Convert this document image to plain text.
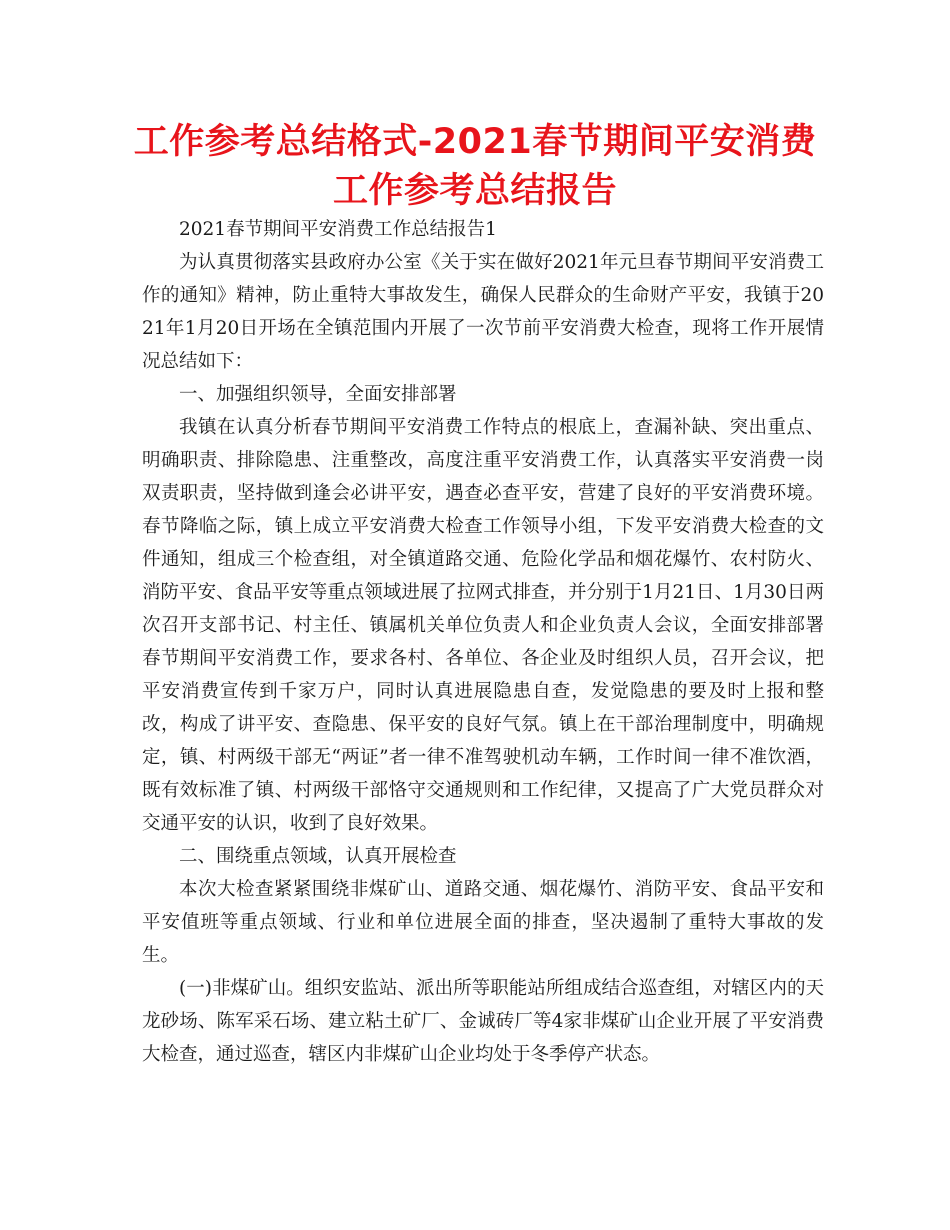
工作参考总结格式-2021春节期间平安消费工作参考总结报告

2021春节期间平安消费工作总结报告1

为认真贯彻落实县政府办公室《关于实在做好2021年元旦春节期间平安消费工作的通知》精神，防止重特大事故发生，确保人民群众的生命财产平安，我镇于2021年1月20日开场在全镇范围内开展了一次节前平安消费大检查，现将工作开展情况总结如下：

一、加强组织领导，全面安排部署

我镇在认真分析春节期间平安消费工作特点的根底上，查漏补缺、突出重点、明确职责、排除隐患、注重整改，高度注重平安消费工作，认真落实平安消费一岗双责职责，坚持做到逢会必讲平安，遇查必查平安，营建了良好的平安消费环境。春节降临之际，镇上成立平安消费大检查工作领导小组，下发平安消费大检查的文件通知，组成三个检查组，对全镇道路交通、危险化学品和烟花爆竹、农村防火、消防平安、食品平安等重点领域进展了拉网式排查，并分别于1月21日、1月30日两次召开支部书记、村主任、镇属机关单位负责人和企业负责人会议，全面安排部署春节期间平安消费工作，要求各村、各单位、各企业及时组织人员，召开会议，把平安消费宣传到千家万户，同时认真进展隐患自查，发觉隐患的要及时上报和整改，构成了讲平安、查隐患、保平安的良好气氛。镇上在干部治理制度中，明确规定，镇、村两级干部无“两证”者一律不准驾驶机动车辆，工作时间一律不准饮酒，既有效标准了镇、村两级干部恪守交通规则和工作纪律，又提高了广大党员群众对交通平安的认识，收到了良好效果。

二、围绕重点领域，认真开展检查

本次大检查紧紧围绕非煤矿山、道路交通、烟花爆竹、消防平安、食品平安和平安值班等重点领域、行业和单位进展全面的排查，坚决遏制了重特大事故的发生。

(一)非煤矿山。组织安监站、派出所等职能站所组成结合巡查组，对辖区内的天龙砂场、陈军采石场、建立粘土矿厂、金诚砖厂等4家非煤矿山企业开展了平安消费大检查，通过巡查，辖区内非煤矿山企业均处于冬季停产状态。
